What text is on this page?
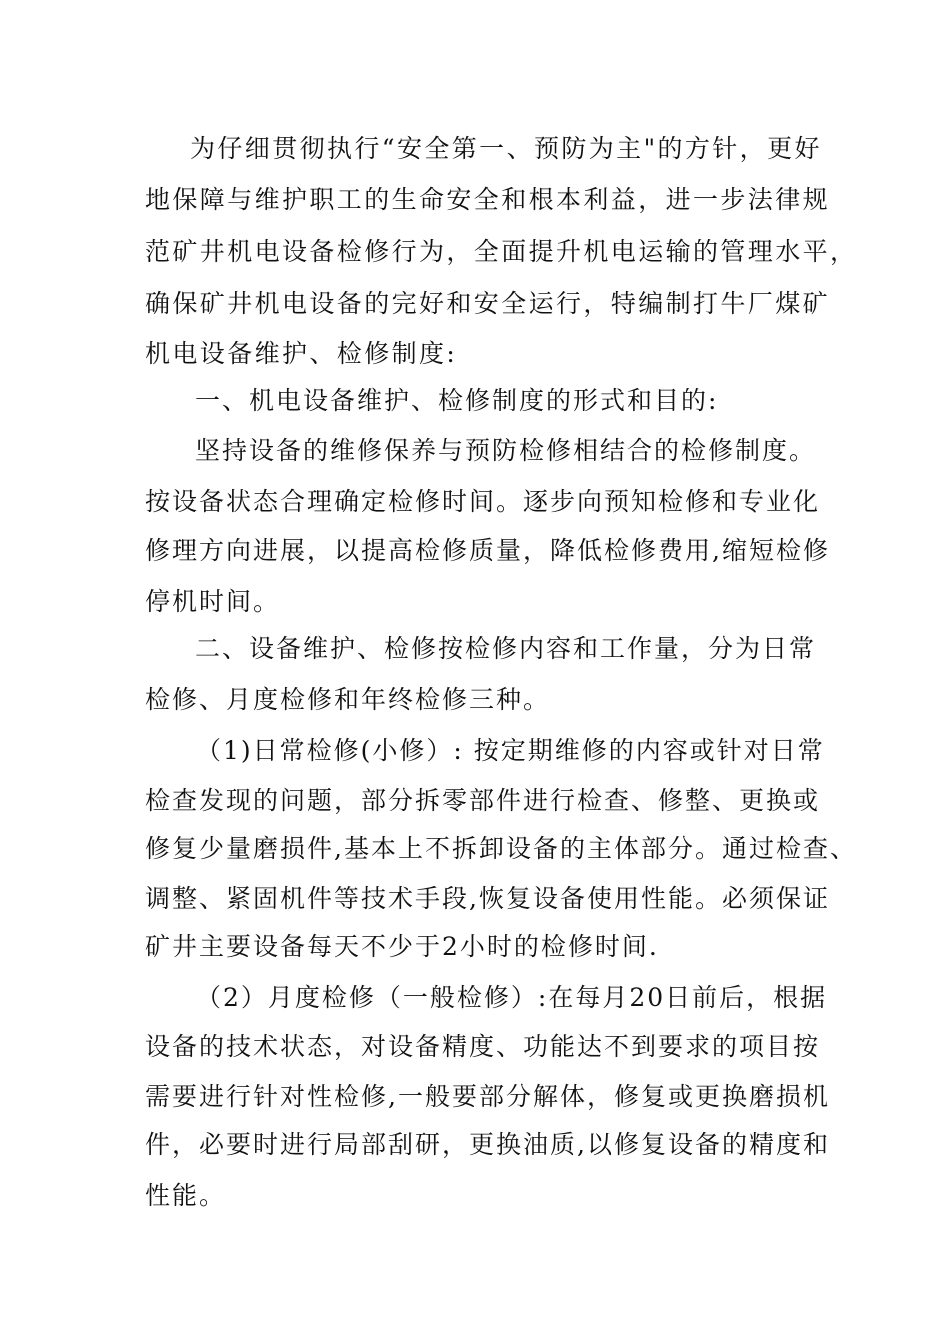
为仔细贯彻执行“安全第一、预防为主"的方针，更好
地保障与维护职工的生命安全和根本利益，进一步法律规
范矿井机电设备检修行为，全面提升机电运输的管理水平，
确保矿井机电设备的完好和安全运行，特编制打牛厂煤矿
机电设备维护、检修制度:
一、机电设备维护、检修制度的形式和目的:
坚持设备的维修保养与预防检修相结合的检修制度。
按设备状态合理确定检修时间。逐步向预知检修和专业化
修理方向进展，以提高检修质量，降低检修费用,缩短检修
停机时间。
二、设备维护、检修按检修内容和工作量，分为日常
检修、月度检修和年终检修三种。
（1)日常检修(小修）: 按定期维修的内容或针对日常
检查发现的问题，部分拆零部件进行检查、修整、更换或
修复少量磨损件,基本上不拆卸设备的主体部分。通过检查、
调整、紧固机件等技术手段,恢复设备使用性能。必须保证
矿井主要设备每天不少于2小时的检修时间.
（2）月度检修（一般检修）:在每月20日前后，根据
设备的技术状态，对设备精度、功能达不到要求的项目按
需要进行针对性检修,一般要部分解体，修复或更换磨损机
件，必要时进行局部刮研，更换油质,以修复设备的精度和
性能。
